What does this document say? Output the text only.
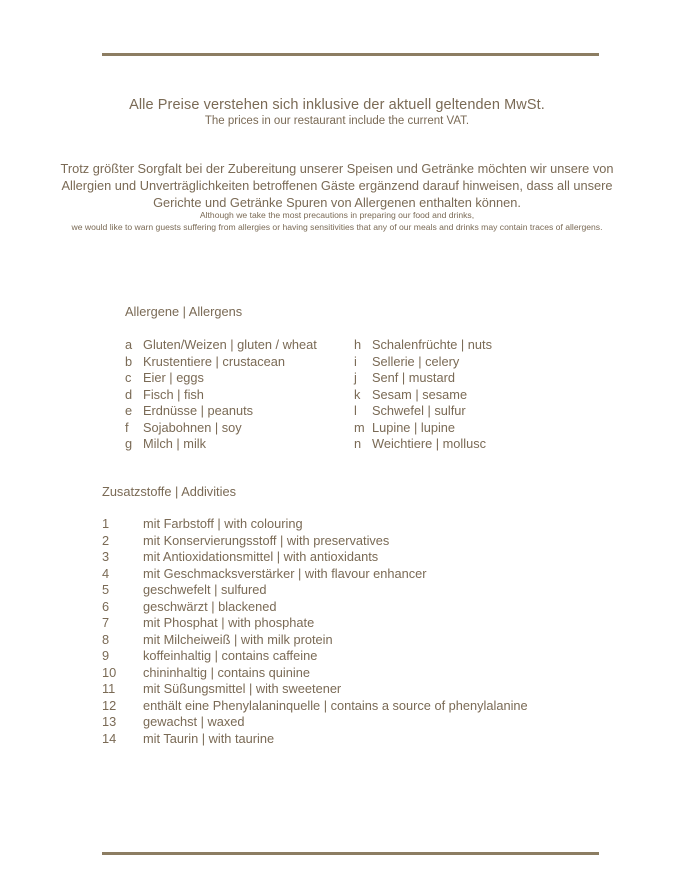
Alle Preise verstehen sich inklusive der aktuell geltenden MwSt.
The prices in our restaurant include the current VAT.
Trotz größter Sorgfalt bei der Zubereitung unserer Speisen und Getränke möchten wir unsere von Allergien und Unverträglichkeiten betroffenen Gäste ergänzend darauf hinweisen, dass all unsere Gerichte und Getränke Spuren von Allergenen enthalten können.
Although we take the most precautions in preparing our food and drinks,
we would like to warn guests suffering from allergies or having sensitivities that any of our meals and drinks may contain traces of allergens.
Allergene | Allergens
a Gluten/Weizen | gluten / wheat
b Krustentiere | crustacean
c Eier | eggs
d Fisch | fish
e Erdnüsse | peanuts
f Sojabohnen | soy
g Milch | milk
h Schalenfrüchte | nuts
i Sellerie | celery
j Senf | mustard
k Sesam | sesame
l Schwefel | sulfur
m Lupine | lupine
n Weichtiere | mollusc
Zusatzstoffe | Addivities
1	mit Farbstoff | with colouring
2	mit Konservierungsstoff | with preservatives
3	mit Antioxidationsmittel | with antioxidants
4	mit Geschmacksverstärker | with flavour enhancer
5	geschwefelt | sulfured
6	geschwärzt | blackened
7	mit Phosphat | with phosphate
8	mit Milcheiweiß | with milk protein
9	koffeinhaltig | contains caffeine
10 chininhaltig | contains quinine
11 mit Süßungsmittel | with sweetener
12 enthält eine Phenylalaninquelle | contains a source of phenylalanine
13 gewachst | waxed
14 mit Taurin | with taurine
